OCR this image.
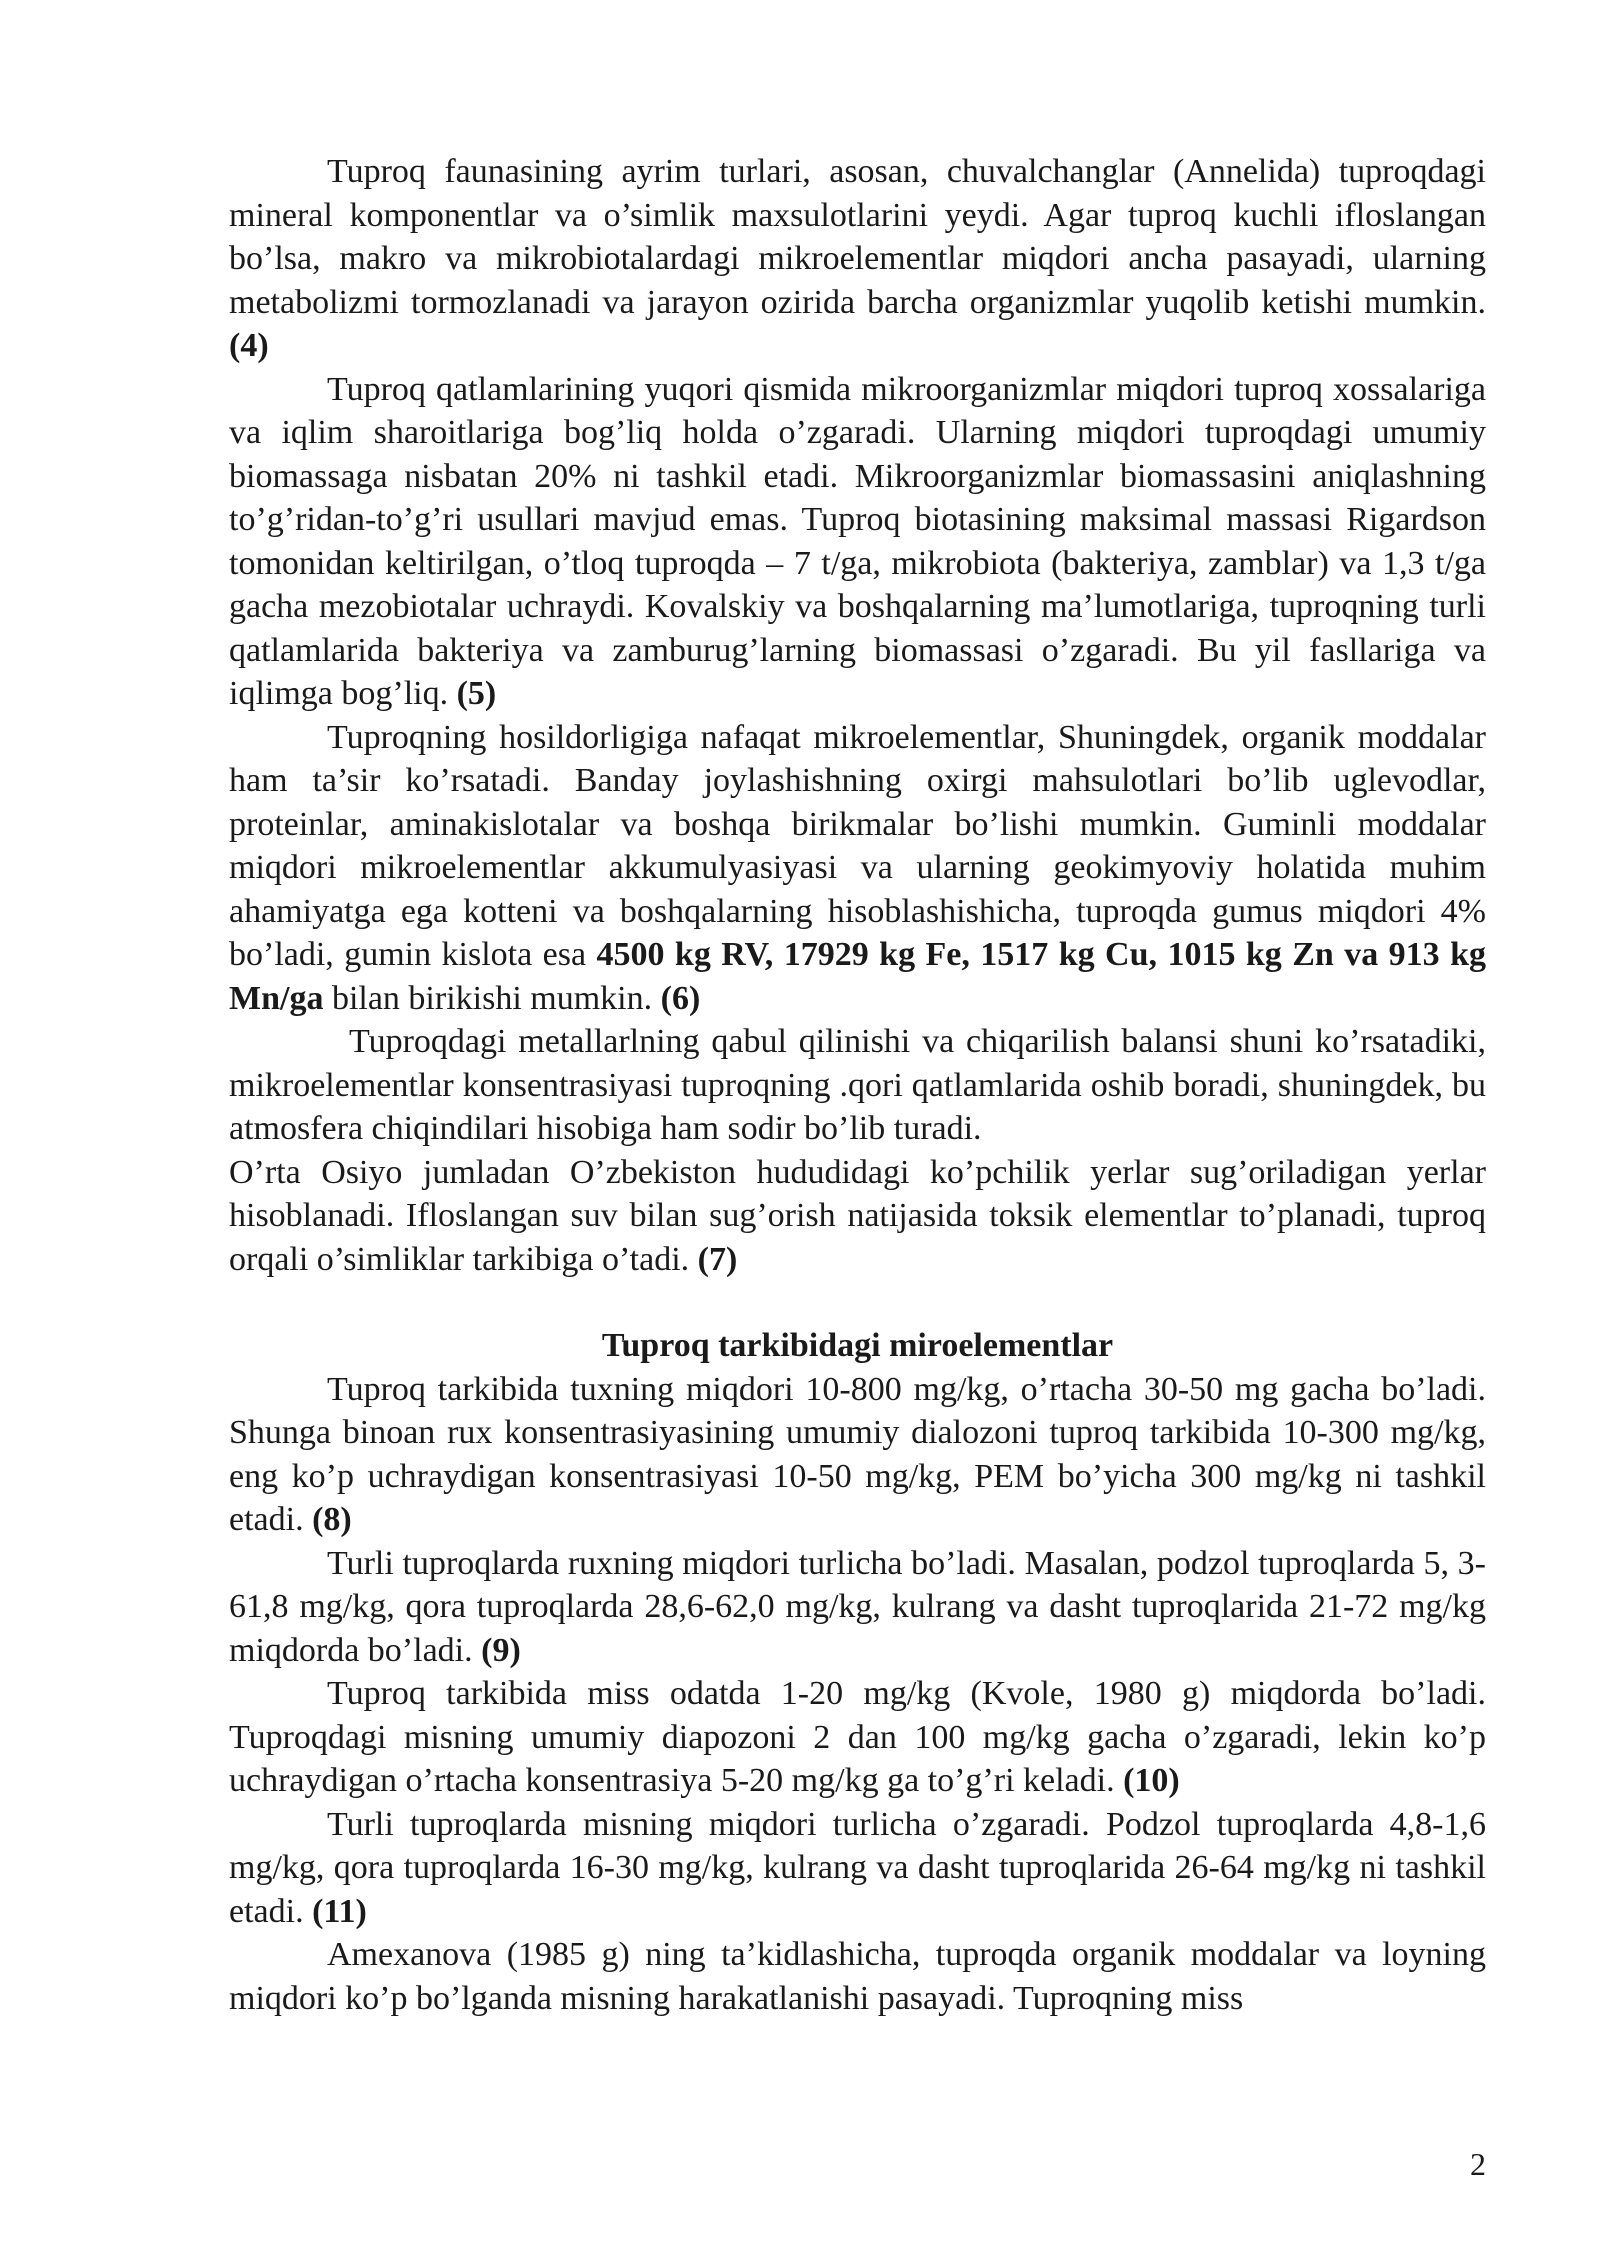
Tuproq faunasining ayrim turlari, asosan, chuvalchanglar (Annelida) tuproqdagi mineral komponentlar va o’simlik maxsulotlarini yeydi. Agar tuproq kuchli ifloslangan bo’lsa, makro va mikrobiotalardagi mikroelementlar miqdori ancha pasayadi, ularning metabolizmi tormozlanadi va jarayon ozirida barcha organizmlar yuqolib ketishi mumkin. (4)

Tuproq qatlamlarining yuqori qismida mikroorganizmlar miqdori tuproq xossalariga va iqlim sharoitlariga bog’liq holda o’zgaradi. Ularning miqdori tuproqdagi umumiy biomassaga nisbatan 20% ni tashkil etadi. Mikroorganizmlar biomassasini aniqlashning to’g’ridan-to’g’ri usullari mavjud emas. Tuproq biotasining maksimal massasi Rigardson tomonidan keltirilgan, o’tloq tuproqda – 7 t/ga, mikrobiota (bakteriya, zamblar) va 1,3 t/ga gacha mezobiotalar uchraydi. Kovalskiy va boshqalarning ma’lumotlariga, tuproqning turli qatlamlarida bakteriya va zamburug’larning biomassasi o’zgaradi. Bu yil fasllariga va iqlimga bog’liq. (5)

Tuproqning hosildorligiga nafaqat mikroelementlar, Shuningdek, organik moddalar ham ta’sir ko’rsatadi. Banday joylashishning oxirgi mahsulotlari bo’lib uglevodlar, proteinlar, aminakislotalar va boshqa birikmalar bo’lishi mumkin. Guminli moddalar miqdori mikroelementlar akkumulyasiyasi va ularning geokimyoviy holatida muhim ahamiyatga ega kotteni va boshqalarning hisoblashishicha, tuproqda gumus miqdori 4% bo’ladi, gumin kislota esa 4500 kg RV, 17929 kg Fe, 1517 kg Cu, 1015 kg Zn va 913 kg Mn/ga bilan birikishi mumkin. (6)

Tuproqdagi metallarlning qabul qilinishi va chiqarilish balansi shuni ko’rsatadiki, mikroelementlar konsentrasiyasi tuproqning .qori qatlamlarida oshib boradi, shuningdek, bu atmosfera chiqindilari hisobiga ham sodir bo’lib turadi.

O’rta Osiyo jumladan O’zbekiston hududidagi ko’pchilik yerlar sug’oriladigan yerlar hisoblanadi. Ifloslangan suv bilan sug’orish natijasida toksik elementlar to’planadi, tuproq orqali o’simliklar tarkibiga o’tadi. (7)

Tuproq tarkibidagi miroelementlar

Tuproq tarkibida tuxning miqdori 10-800 mg/kg, o’rtacha 30-50 mg gacha bo’ladi. Shunga binoan rux konsentrasiyasining umumiy dialozoni tuproq tarkibida 10-300 mg/kg, eng ko’p uchraydigan konsentrasiyasi 10-50 mg/kg, PEM bo’yicha 300 mg/kg ni tashkil etadi. (8)

Turli tuproqlarda ruxning miqdori turlicha bo’ladi. Masalan, podzol tuproqlarda 5, 3-61,8 mg/kg, qora tuproqlarda 28,6-62,0 mg/kg, kulrang va dasht tuproqlarida 21-72 mg/kg miqdorda bo’ladi. (9)

Tuproq tarkibida miss odatda 1-20 mg/kg (Kvole, 1980 g) miqdorda bo’ladi. Tuproqdagi misning umumiy diapozoni 2 dan 100 mg/kg gacha o’zgaradi, lekin ko’p uchraydigan o’rtacha konsentrasiya 5-20 mg/kg ga to’g’ri keladi. (10)

Turli tuproqlarda misning miqdori turlicha o’zgaradi. Podzol tuproqlarda 4,8-1,6 mg/kg, qora tuproqlarda 16-30 mg/kg, kulrang va dasht tuproqlarida 26-64 mg/kg ni tashkil etadi. (11)

Amexanova (1985 g) ning ta’kidlashicha, tuproqda organik moddalar va loyning miqdori ko’p bo’lganda misning harakatlanishi pasayadi. Tuproqning miss

2
